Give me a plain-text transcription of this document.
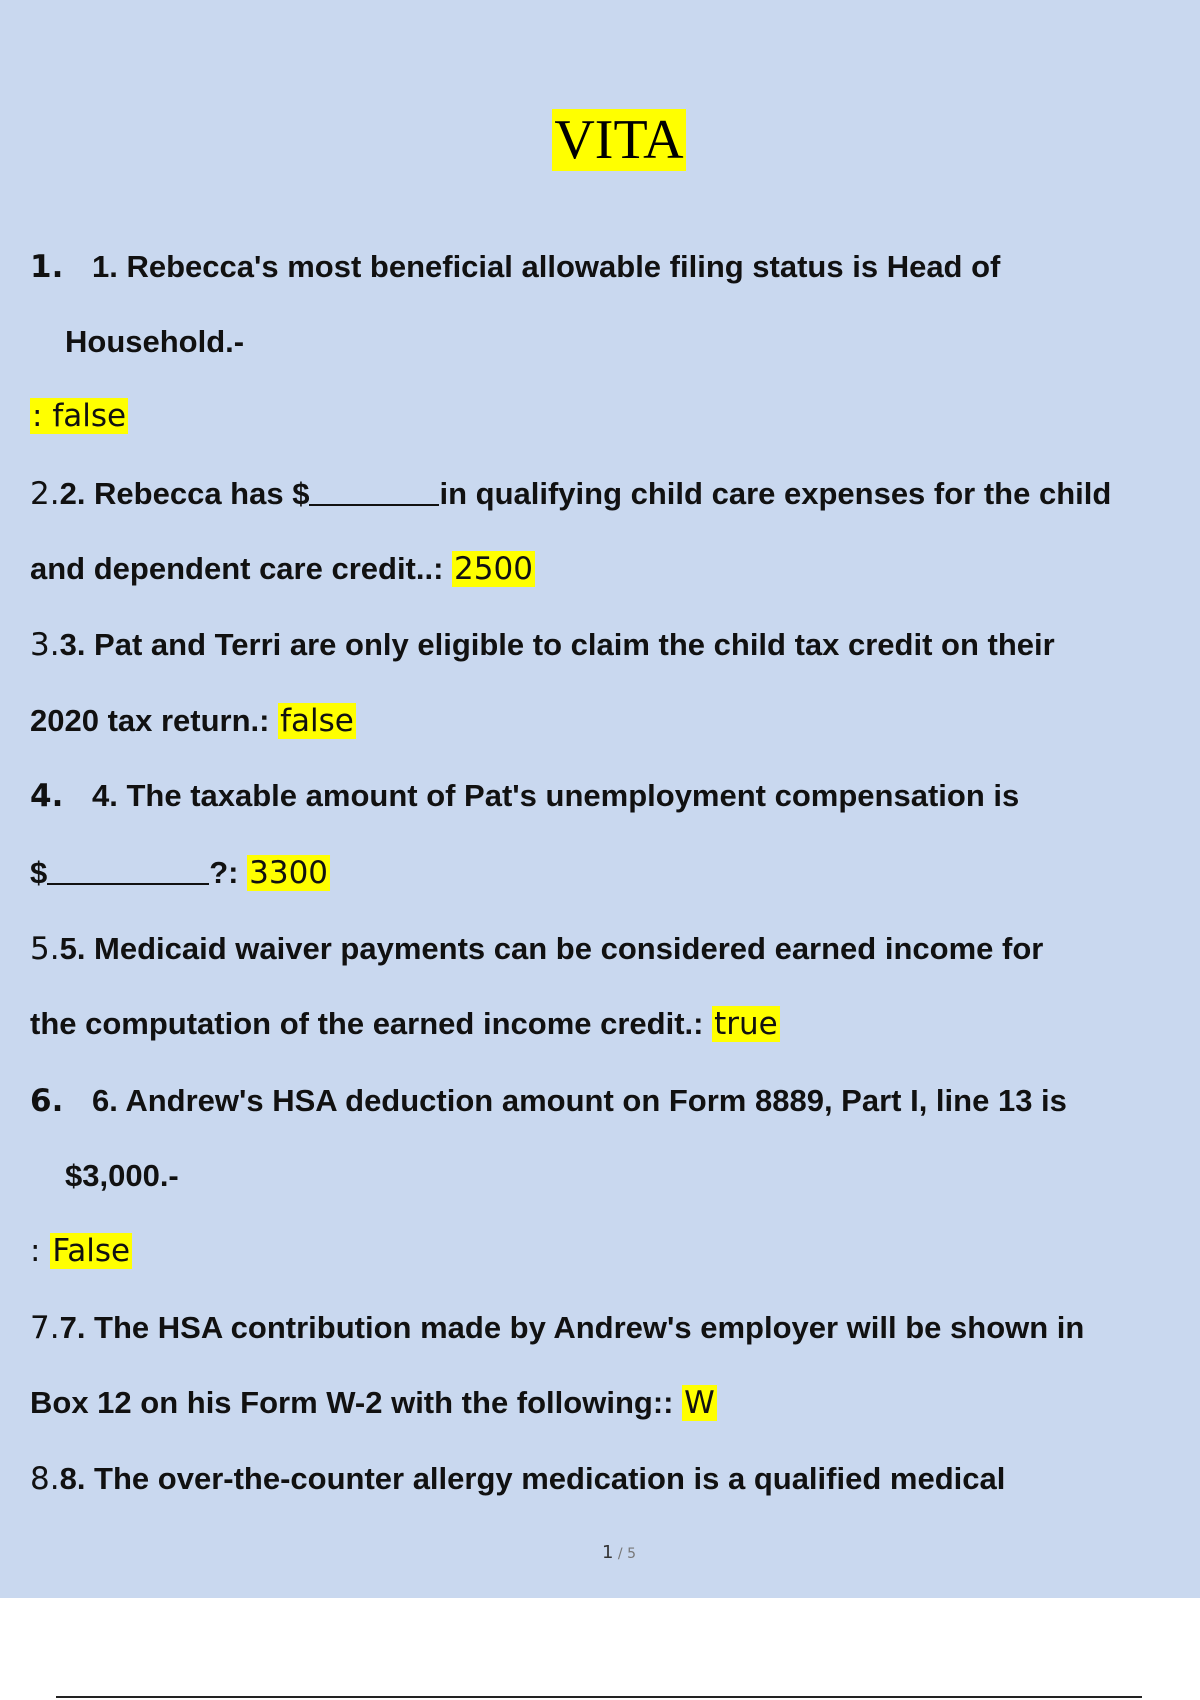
VITA
1. 1. Rebecca's most beneficial allowable filing status is Head of
Household.-
: false
2.2. Rebecca has $	in qualifying child care expenses for the child
and dependent care credit..: 2500
3.3. Pat and Terri are only eligible to claim the child tax credit on their
2020 tax return.: false
4. 4. The taxable amount of Pat's unemployment compensation is
$	?: 3300
5.5. Medicaid waiver payments can be considered earned income for
the computation of the earned income credit.: true
6. 6. Andrew's HSA deduction amount on Form 8889, Part I, line 13 is
$3,000.-
: False
7.7. The HSA contribution made by Andrew's employer will be shown in
Box 12 on his Form W-2 with the following:: W
8.8. The over-the-counter allergy medication is a qualified medical
1 / 5
